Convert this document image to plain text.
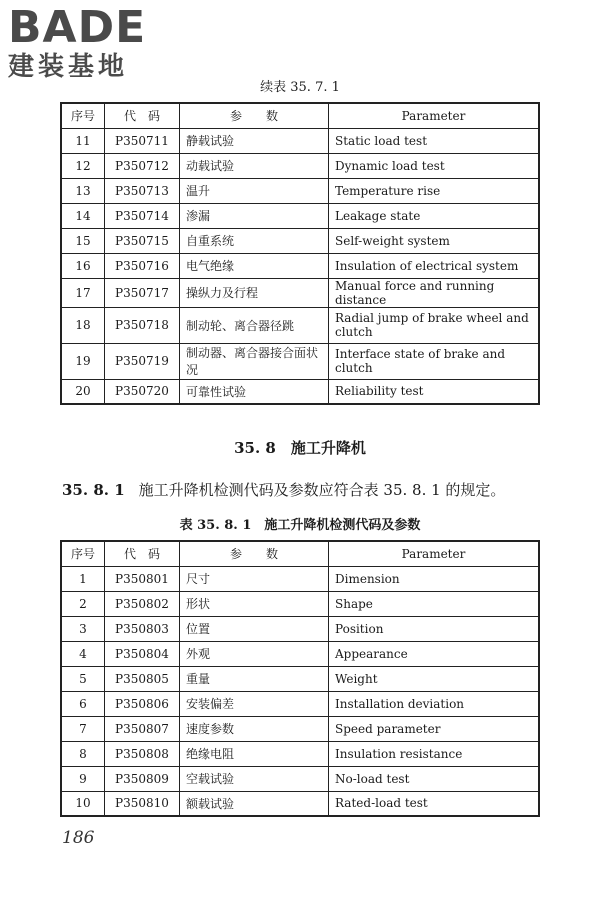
BADE
建装基地
续表 35. 7. 1
序号	代　码	参　　数	Parameter
11	P350711	静载试验	Static load test
12	P350712	动载试验	Dynamic load test
13	P350713	温升	Temperature rise
14	P350714	渗漏	Leakage state
15	P350715	自重系统	Self-weight system
16	P350716	电气绝缘	Insulation of electrical system
17	P350717	操纵力及行程	Manual force and running distance
18	P350718	制动轮、离合器径跳	Radial jump of brake wheel and clutch
19	P350719	制动器、离合器接合面状况	Interface state of brake and clutch
20	P350720	可靠性试验	Reliability test
35. 8　施工升降机
35. 8. 1 施工升降机检测代码及参数应符合表 35. 8. 1 的规定。
表 35. 8. 1　施工升降机检测代码及参数
序号	代　码	参　　数	Parameter
1	P350801	尺寸	Dimension
2	P350802	形状	Shape
3	P350803	位置	Position
4	P350804	外观	Appearance
5	P350805	重量	Weight
6	P350806	安装偏差	Installation deviation
7	P350807	速度参数	Speed parameter
8	P350808	绝缘电阻	Insulation resistance
9	P350809	空载试验	No-load test
10	P350810	额载试验	Rated-load test
186
